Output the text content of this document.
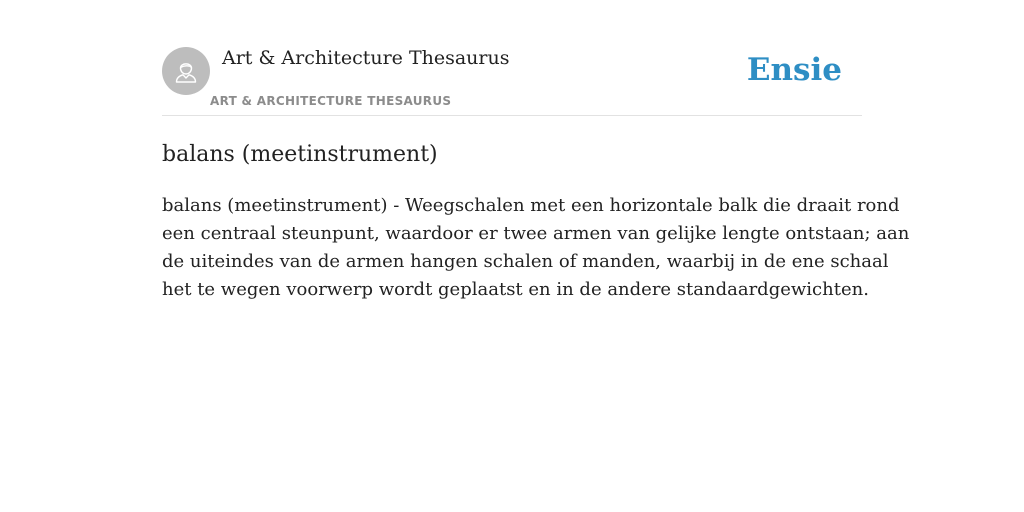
Art & Architecture Thesaurus
ART & ARCHITECTURE THESAURUS
Ensie
balans (meetinstrument)

balans (meetinstrument) - Weegschalen met een horizontale balk die draait rond
een centraal steunpunt, waardoor er twee armen van gelijke lengte ontstaan; aan
de uiteindes van de armen hangen schalen of manden, waarbij in de ene schaal
het te wegen voorwerp wordt geplaatst en in de andere standaardgewichten.
